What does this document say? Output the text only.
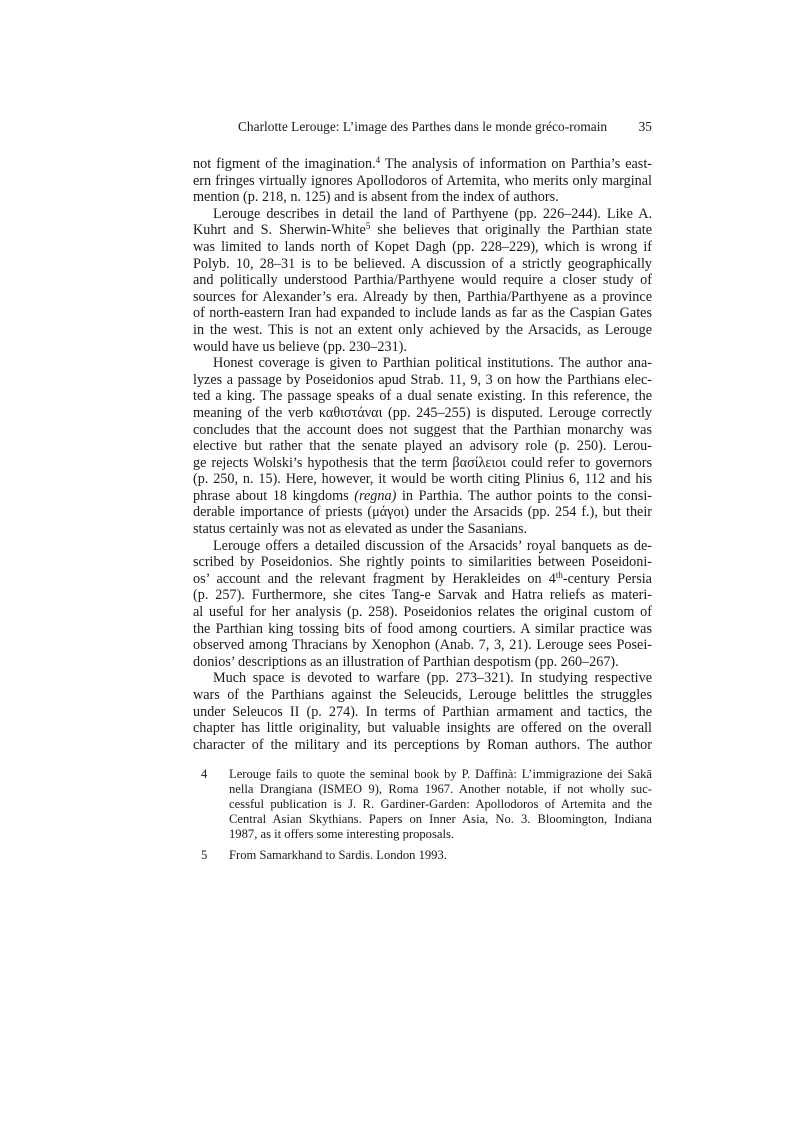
Charlotte Lerouge: L’image des Parthes dans le monde gréco-romain 35
not figment of the imagination.$^4$ The analysis of information on Parthia’s east-
ern fringes virtually ignores Apollodoros of Artemita, who merits only marginal
mention (p. 218, n. 125) and is absent from the index of authors.
Lerouge describes in detail the land of Parthyene (pp. 226–244). Like A.
Kuhrt and S. Sherwin-White$^5$ she believes that originally the Parthian state
was limited to lands north of Kopet Dagh (pp. 228–229), which is wrong if
Polyb. 10, 28–31 is to be believed. A discussion of a strictly geographically
and politically understood Parthia/Parthyene would require a closer study of
sources for Alexander’s era. Already by then, Parthia/Parthyene as a province
of north-eastern Iran had expanded to include lands as far as the Caspian Gates
in the west. This is not an extent only achieved by the Arsacids, as Lerouge
would have us believe (pp. 230–231).
Honest coverage is given to Parthian political institutions. The author ana-
lyzes a passage by Poseidonios apud Strab. 11, 9, 3 on how the Parthians elec-
ted a king. The passage speaks of a dual senate existing. In this reference, the
meaning of the verb καθιστάναι (pp. 245–255) is disputed. Lerouge correctly
concludes that the account does not suggest that the Parthian monarchy was
elective but rather that the senate played an advisory role (p. 250). Lerou-
ge rejects Wolski’s hypothesis that the term βασίλειοι could refer to governors
(p. 250, n. 15). Here, however, it would be worth citing Plinius 6, 112 and his
phrase about 18 kingdoms (regna) in Parthia. The author points to the consi-
derable importance of priests (μάγοι) under the Arsacids (pp. 254 f.), but their
status certainly was not as elevated as under the Sasanians.
Lerouge offers a detailed discussion of the Arsacids’ royal banquets as de-
scribed by Poseidonios. She rightly points to similarities between Poseidoni-
os’ account and the relevant fragment by Herakleides on 4th-century Persia
(p. 257). Furthermore, she cites Tang-e Sarvak and Hatra reliefs as materi-
al useful for her analysis (p. 258). Poseidonios relates the original custom of
the Parthian king tossing bits of food among courtiers. A similar practice was
observed among Thracians by Xenophon (Anab. 7, 3, 21). Lerouge sees Posei-
donios’ descriptions as an illustration of Parthian despotism (pp. 260–267).
Much space is devoted to warfare (pp. 273–321). In studying respective
wars of the Parthians against the Seleucids, Lerouge belittles the struggles
under Seleucos II (p. 274). In terms of Parthian armament and tactics, the
chapter has little originality, but valuable insights are offered on the overall
character of the military and its perceptions by Roman authors. The author
4 Lerouge fails to quote the seminal book by P. Daffinà: L’immigrazione dei Sakā
nella Drangiana (ISMEO 9), Roma 1967. Another notable, if not wholly suc-
cessful publication is J. R. Gardiner-Garden: Apollodoros of Artemita and the
Central Asian Skythians. Papers on Inner Asia, No. 3. Bloomington, Indiana
1987, as it offers some interesting proposals.
5 From Samarkhand to Sardis. London 1993.
